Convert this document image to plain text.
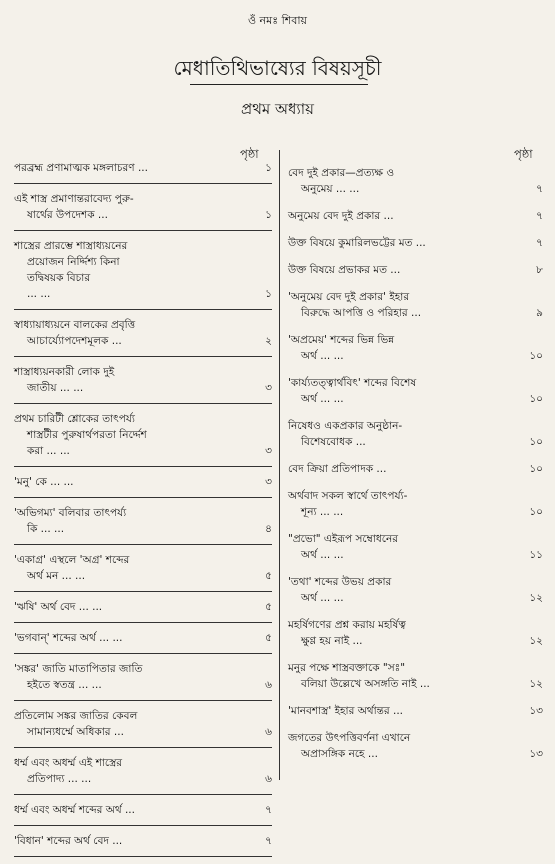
ওঁ নমঃ শিবায়
মেধাতিথিভাষ্যের বিষয়সূচী
প্রথম অধ্যায়
পৃষ্ঠা	পৃষ্ঠা
পরব্রহ্ম প্রণামাত্মক মঙ্গলাচরণ ...	১
এই শাস্ত্র প্রমাণান্তরাবেদ্য পুরু-
ষার্থের উপদেশক ...	১
শাস্ত্রের প্রারম্ভে শাস্ত্রাধ্যয়নের
প্রয়োজন নির্দ্দিশ্য কিনা
তদ্বিষয়ক বিচার
... ...	১
স্বাধ্যায়াধ্যয়নে বালকের প্রবৃত্তি
আচার্য্যোপদেশমূলক ...	২
শাস্ত্রাধ্যয়নকারী লোক দুই
জাতীয় ... ...	৩
প্রথম চারিটী শ্লোকের তাৎপর্য্য
শাস্ত্রটীর পুরুষার্থপরতা নির্দ্দেশ
করা ... ...	৩
'মনু' কে ... ...	৩
'অভিগম্য' বলিবার তাৎপর্য্য
কি ... ...	৪
'একাগ্র' এস্থলে 'অগ্র' শব্দের
অর্থ মন ... ...	৫
'ঋষি' অর্থ বেদ ... ...	৫
'ভগবান্' শব্দের অর্থ ... ...	৫
'সঙ্কর' জাতি মাতাপিতার জাতি
হইতে স্বতন্ত্র ... ...	৬
প্রতিলোম সঙ্কর জাতির কেবল
সামান্যধর্ম্মে অধিকার ...	৬
ধর্ম্ম এবং অধর্ম্ম এই শাস্ত্রের
প্রতিপাদ্য ... ...	৬
ধর্ম্ম এবং অধর্ম্ম শব্দের অর্থ ...	৭
'বিধান' শব্দের অর্থ বেদ ...	৭
বেদ দুই প্রকার—প্রত্যক্ষ ও
অনুমেয় ... ...	৭
অনুমেয় বেদ দুই প্রকার ...	৭
উক্ত বিষয়ে কুমারিলভট্টের মত ...	৭
উক্ত বিষয়ে প্রভাকর মত ...	৮
'অনুমেয় বেদ দুই প্রকার' ইহার
বিরুদ্ধে আপত্তি ও পরিহার ...	৯
'অপ্রমেয়' শব্দের ভিন্ন ভিন্ন
অর্থ ... ...	১০
'কার্য্যতত্ত্বার্থবিৎ' শব্দের বিশেষ
অর্থ ... ...	১০
নিষেধও একপ্রকার অনুষ্ঠান-
বিশেষবোধক ...	১০
বেদ ক্রিয়া প্রতিপাদক ...	১০
অর্থবাদ সকল স্বার্থে তাৎপর্য্য-
শূন্য ... ...	১০
"প্রভো" এইরূপ সম্বোধনের
অর্থ ... ...	১১
'তথা' শব্দের উভয় প্রকার
অর্থ ... ...	১২
মহর্ষিগণের প্রশ্ন করায় মহর্ষিত্ব
ক্ষুণ্ণ হয় নাই ...	১২
মনুর পক্ষে শাস্ত্রবক্তাকে "সঃ"
বলিয়া উল্লেখে অসঙ্গতি নাই ...	১২
'মানবশাস্ত্র' ইহার অর্থান্তর ...	১৩
জগতের উৎপত্তিবর্ণনা এখানে
অপ্রাসঙ্গিক নহে ...	১৩
